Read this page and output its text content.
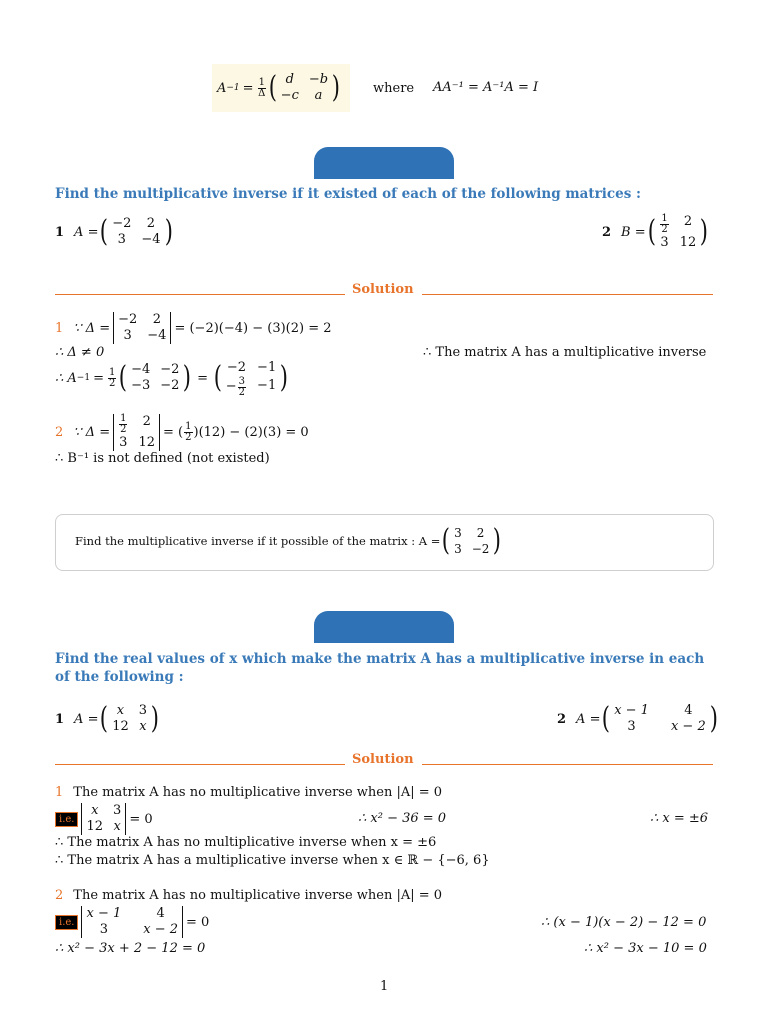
$A -1 = \frac{1}{\Delta}$ ( d	−b
−c	a )	where AA⁻¹ = A⁻¹A = I
Find the multiplicative inverse if it existed of each of the following matrices :
1 A = ( −2	2
3	−4 )	2 B = ( $\frac{1}{2}$	2
3 12 )
Solution
1 ∵ Δ =
−2	2
3	−4 = (−2)(−4) − (3)(2) = 2
∴ Δ ≠ 0	∴ The matrix A has a multiplicative inverse
∴ $A -1 = \frac{1}{2}$ ( −4 −2
−3 −2 ) = ( −2 −1
− $\frac{3}{2} -1$ )
2 ∵ $\Delta = \frac{1}{2}$	2
3 12
= ( $\frac{1}{2} )(12) - (2)(3) = 0$
∴ B⁻¹ is not defined (not existed)
Find the multiplicative inverse if it possible of the matrix : A = ( 3	2
3 −2 )
Find the real values of x which make the matrix A has a multiplicative inverse in each
of the following :
1 A = ( x	3
12 x )	2 A = ( x − 1	4
3	x − 2 )
Solution
1 The matrix A has no multiplicative inverse when |A| = 0
i.e.
x	3
12 x = 0	∴ x² − 36 = 0	∴ x = ±6
∴ The matrix A has no multiplicative inverse when x = ±6
∴ The matrix A has a multiplicative inverse when x ∈ ℝ − {−6, 6}
2 The matrix A has no multiplicative inverse when |A| = 0
i.e.
x − 1	4
3	x − 2 = 0	∴ (x − 1)(x − 2) − 12 = 0
∴ x² − 3x + 2 − 12 = 0	∴ x² − 3x − 10 = 0
1
